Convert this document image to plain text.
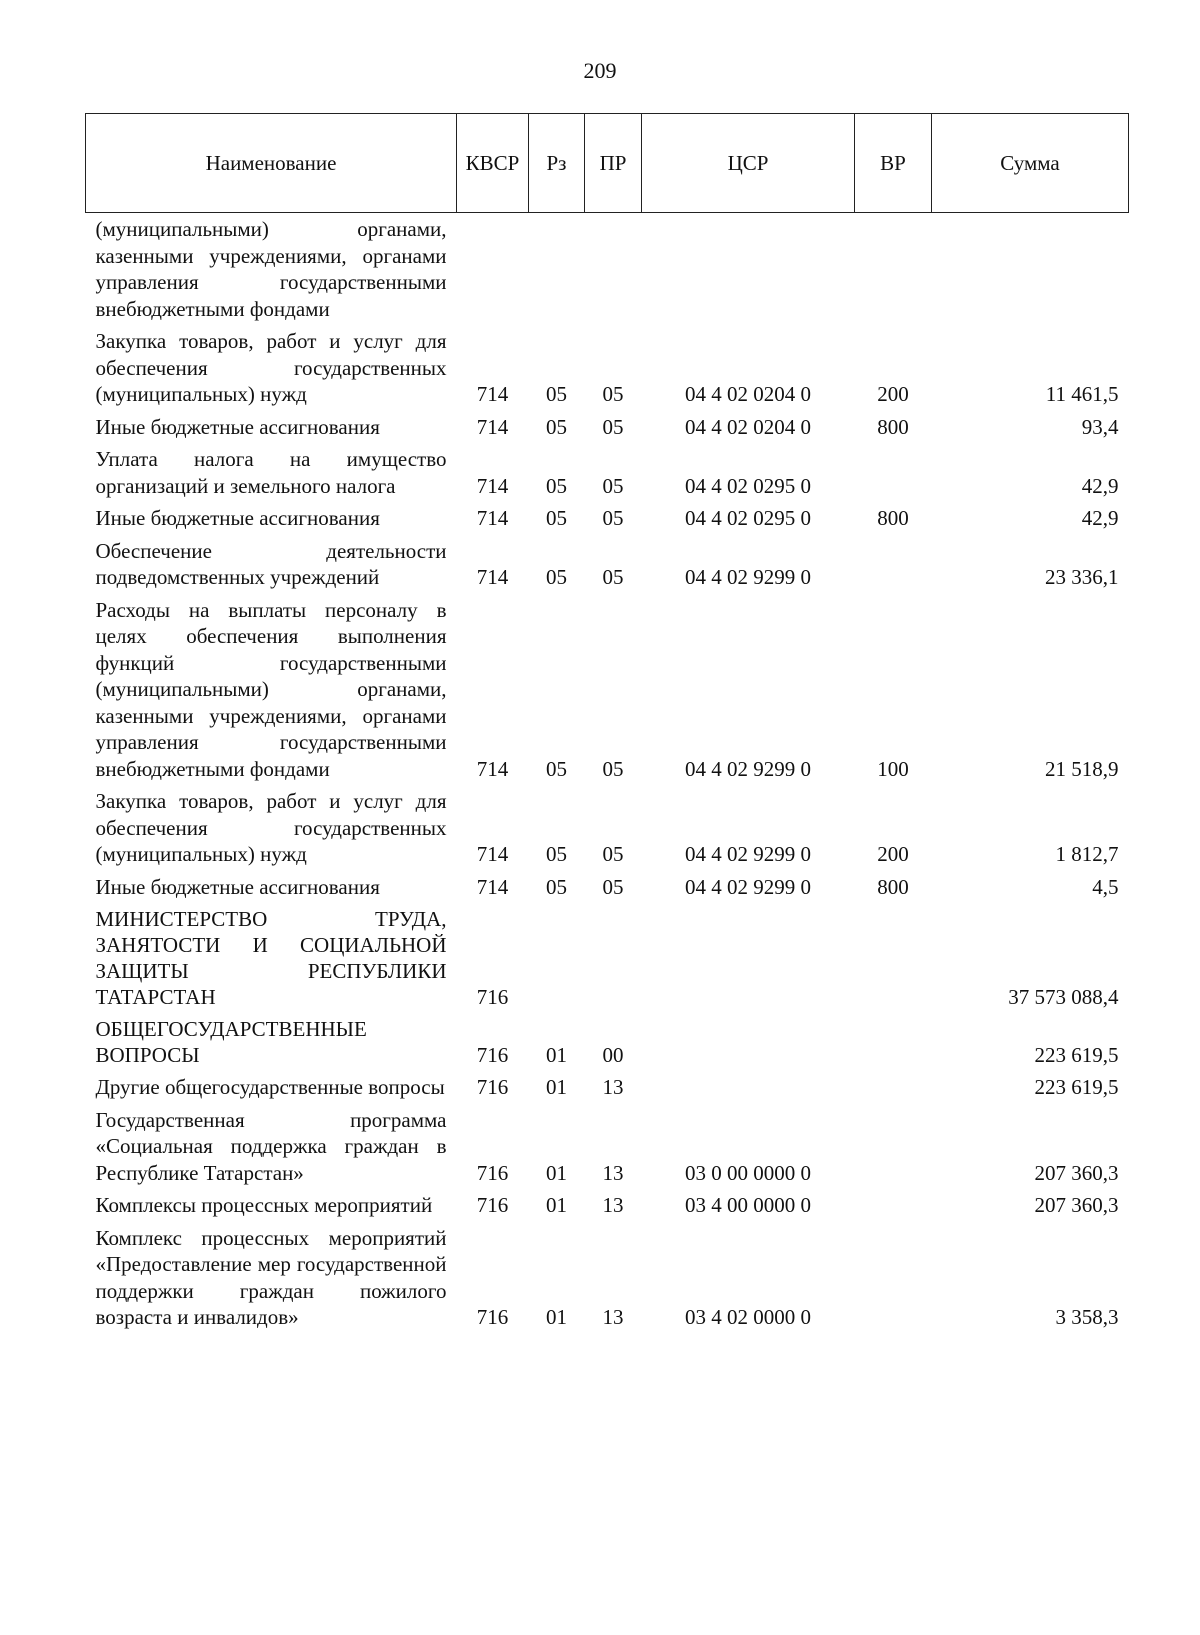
209
Наименование	КВСР	Рз	ПР	ЦСР	ВР	Сумма
(муниципальными) органами, казенными учреждениями, органами управления государственными внебюджетными фондами						
Закупка товаров, работ и услуг для обеспечения государственных (муниципальных) нужд	714	05	05	04 4 02 0204 0	200	11 461,5
Иные бюджетные ассигнования	714	05	05	04 4 02 0204 0	800	93,4
Уплата налога на имущество организаций и земельного налога	714	05	05	04 4 02 0295 0		42,9
Иные бюджетные ассигнования	714	05	05	04 4 02 0295 0	800	42,9
Обеспечение деятельности подведомственных учреждений	714	05	05	04 4 02 9299 0		23 336,1
Расходы на выплаты персоналу в целях обеспечения выполнения функций государственными (муниципальными) органами, казенными учреждениями, органами управления государственными внебюджетными фондами	714	05	05	04 4 02 9299 0	100	21 518,9
Закупка товаров, работ и услуг для обеспечения государственных (муниципальных) нужд	714	05	05	04 4 02 9299 0	200	1 812,7
Иные бюджетные ассигнования	714	05	05	04 4 02 9299 0	800	4,5
МИНИСТЕРСТВО ТРУДА, ЗАНЯТОСТИ И СОЦИАЛЬНОЙ ЗАЩИТЫ РЕСПУБЛИКИ ТАТАРСТАН	716					37 573 088,4
ОБЩЕГОСУДАРСТВЕННЫЕ ВОПРОСЫ	716	01	00			223 619,5
Другие общегосударственные вопросы	716	01	13			223 619,5
Государственная программа «Социальная поддержка граждан в Республике Татарстан»	716	01	13	03 0 00 0000 0		207 360,3
Комплексы процессных мероприятий	716	01	13	03 4 00 0000 0		207 360,3
Комплекс процессных мероприятий «Предоставление мер государственной поддержки граждан пожилого возраста и инвалидов»	716	01	13	03 4 02 0000 0		3 358,3
